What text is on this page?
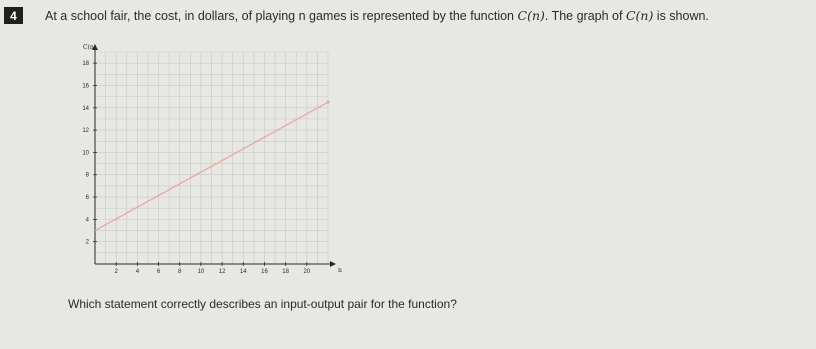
4	At a school fair, the cost, in dollars, of playing n games is represented by the function C(n). The graph of C(n) is shown.
C(n)
n
2
4
6
8
10
12
14
16
18
2	4	6	8	10 12 14 16 18 20
Which statement correctly describes an input-output pair for the function?
